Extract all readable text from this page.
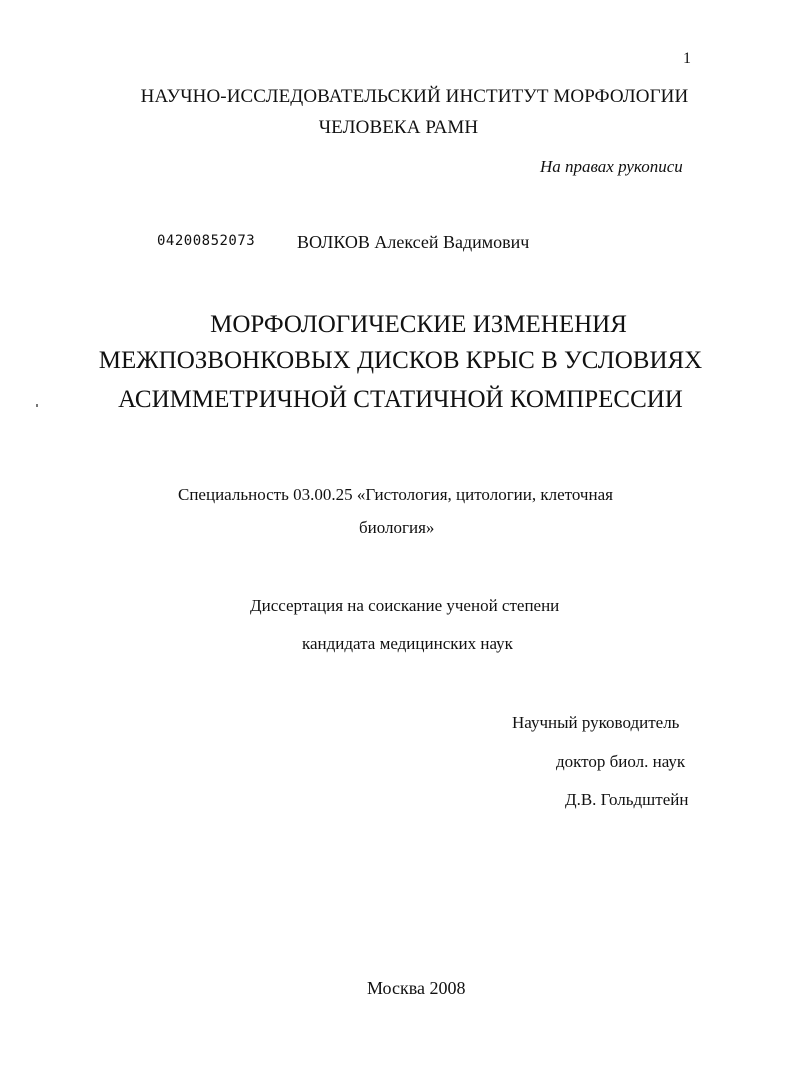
1
НАУЧНО-ИССЛЕДОВАТЕЛЬСКИЙ ИНСТИТУТ МОРФОЛОГИИ
ЧЕЛОВЕКА РАМН
На правах рукописи
04200852073 ВОЛКОВ Алексей Вадимович
МОРФОЛОГИЧЕСКИЕ ИЗМЕНЕНИЯ
МЕЖПОЗВОНКОВЫХ ДИСКОВ КРЫС В УСЛОВИЯХ
АСИММЕТРИЧНОЙ СТАТИЧНОЙ КОМПРЕССИИ
Специальность 03.00.25 «Гистология, цитологии, клеточная
биология»
Диссертация на соискание ученой степени
кандидата медицинских наук
Научный руководитель
доктор биол. наук
Д.В. Гольдштейн
Москва 2008
